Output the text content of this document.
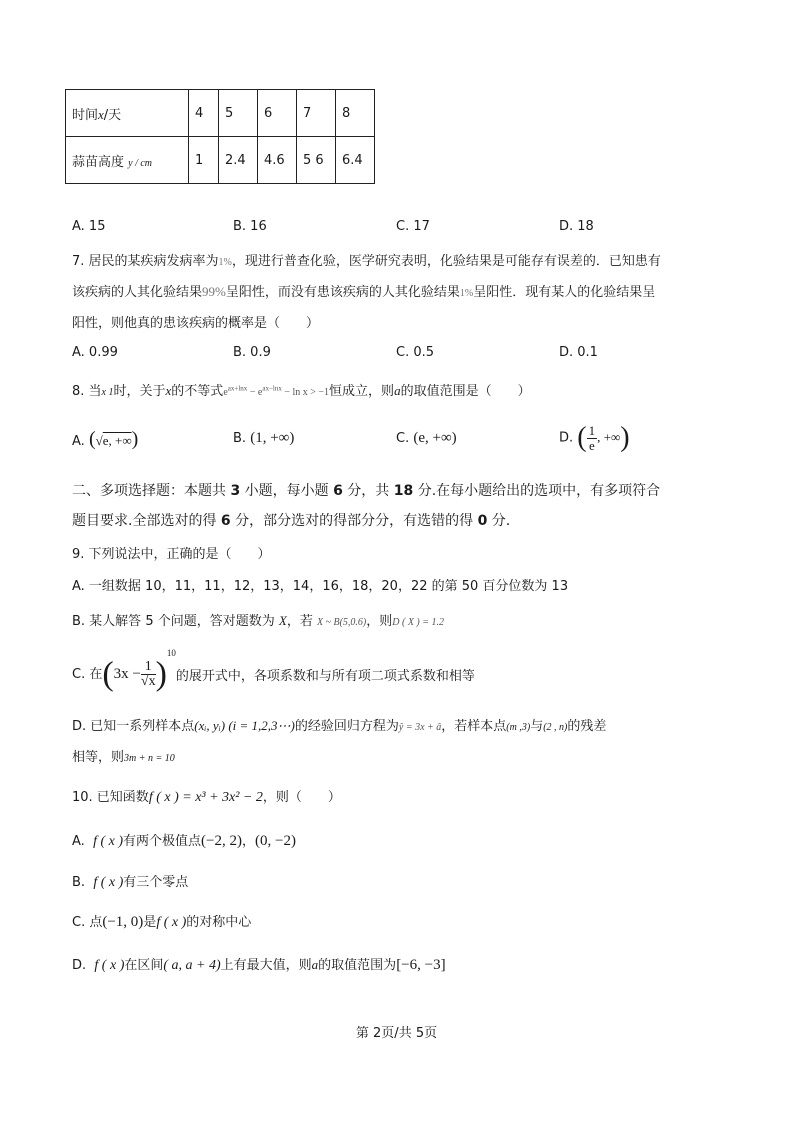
时间x/天	4	5	6	7	8
蒜苗高度 y / cm	1	2.4	4.6	5 6	6.4
A. 15	B. 16	C. 17	D. 18
7. 居民的某疾病发病率为1%，现进行普查化验，医学研究表明，化验结果是可能存有误差的．已知患有
该疾病的人其化验结果99%呈阳性，而没有患该疾病的人其化验结果1%呈阳性．现有某人的化验结果呈
阳性，则他真的患该疾病的概率是（　　）
A. 0.99	B. 0.9	C. 0.5	D. 0.1
8. 当x 1时，关于x的不等式$e^{ax+lnx} - e^{ax-lnx} - \ln x > -1$恒成立，则a的取值范围是（　　）
A. (√e, +∞)	B. (1, +∞)	C. (e, +∞)	D. ( $\frac{1}{e}$ , +∞)
二、多项选择题：本题共 3 小题，每小题 6 分，共 18 分.在每小题给出的选项中，有多项符合
题目要求.全部选对的得 6 分，部分选对的得部分分，有选错的得 0 分.
9. 下列说法中，正确的是（　　）
A. 一组数据 10，11，11，12，13，14，16，18，20，22 的第 50 百分位数为 13
B. 某人解答 5 个问题，答对题数为 X，若 X ~ B(5,0.6)，则D ( X ) = 1.2
C. 在$(3x - \frac{1}{√x} )^{10}$的展开式中，各项系数和与所有项二项式系数和相等
D. 已知一系列样本点(xᵢ, yᵢ) (i = 1,2,3⋯)的经验回归方程为ŷ = 3x + â，若样本点(m ,3)与(2 , n)的残差
相等，则3m + n = 10
10. 已知函数f ( x ) = x³ + 3x² − 2，则（　　）
A. f ( x )有两个极值点(−2, 2)，(0, −2)
B. f ( x )有三个零点
C. 点(−1, 0)是f ( x )的对称中心
D. f ( x )在区间( a, a + 4)上有最大值，则a的取值范围为[−6, −3]
第 2页/共 5页
